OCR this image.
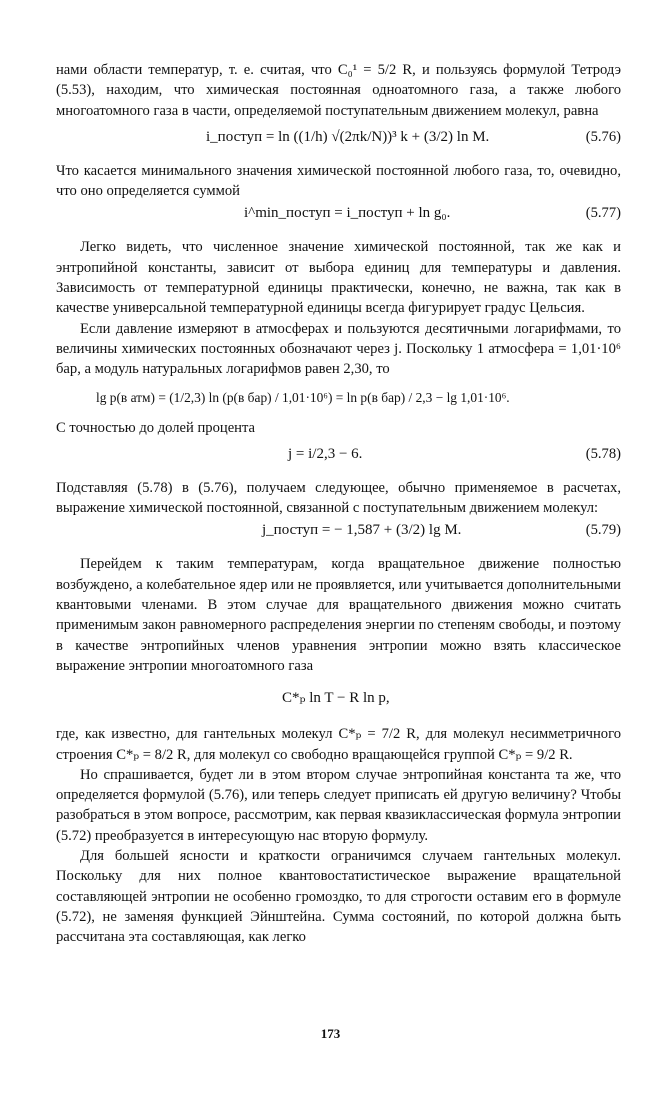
нами области температур, т. е. считая, что C₀¹ = 5/2 R, и пользуясь формулой Тетродэ (5.53), находим, что химическая постоянная одноатомного газа, а также любого многоатомного газа в части, определяемой поступательным движением молекул, равна

i_поступ = ln ((1/h) √(2πk/N))³ k + (3/2) ln M.	(5.76)

Что касается минимального значения химической постоянной любого газа, то, очевидно, что оно определяется суммой

i^min_поступ = i_поступ + ln g₀.	(5.77)

Легко видеть, что численное значение химической постоянной, так же как и энтропийной константы, зависит от выбора единиц для температуры и давления. Зависимость от температурной единицы практически, конечно, не важна, так как в качестве универсальной температурной единицы всегда фигурирует градус Цельсия.

Если давление измеряют в атмосферах и пользуются десятичными логарифмами, то величины химических постоянных обозначают через j. Поскольку 1 атмосфера = 1,01·10⁶ бар, а модуль натуральных логарифмов равен 2,30, то

lg p(в атм) = (1/2,3) ln (p(в бар) / 1,01·10⁶) = ln p(в бар) / 2,3 − lg 1,01·10⁶.

С точностью до долей процента

j = i/2,3 − 6.	(5.78)

Подставляя (5.78) в (5.76), получаем следующее, обычно применяемое в расчетах, выражение химической постоянной, связанной с поступательным движением молекул:

j_поступ = − 1,587 + (3/2) lg M.	(5.79)

Перейдем к таким температурам, когда вращательное движение полностью возбуждено, а колебательное ядер или не проявляется, или учитывается дополнительными квантовыми членами. В этом случае для вращательного движения можно считать применимым закон равномерного распределения энергии по степеням свободы, и поэтому в качестве энтропийных членов уравнения энтропии можно взять классическое выражение энтропии многоатомного газа

C*ₚ ln T − R ln p,

где, как известно, для гантельных молекул C*ₚ = 7/2 R, для молекул несимметричного строения C*ₚ = 8/2 R, для молекул со свободно вращающейся группой C*ₚ = 9/2 R.

Но спрашивается, будет ли в этом втором случае энтропийная константа та же, что определяется формулой (5.76), или теперь следует приписать ей другую величину? Чтобы разобраться в этом вопросе, рассмотрим, как первая квазиклассическая формула энтропии (5.72) преобразуется в интересующую нас вторую формулу.

Для большей ясности и краткости ограничимся случаем гантельных молекул. Поскольку для них полное квантовостатистическое выражение вращательной составляющей энтропии не особенно громоздко, то для строгости оставим его в формуле (5.72), не заменяя функцией Эйнштейна. Сумма состояний, по которой должна быть рассчитана эта составляющая, как легко

173
